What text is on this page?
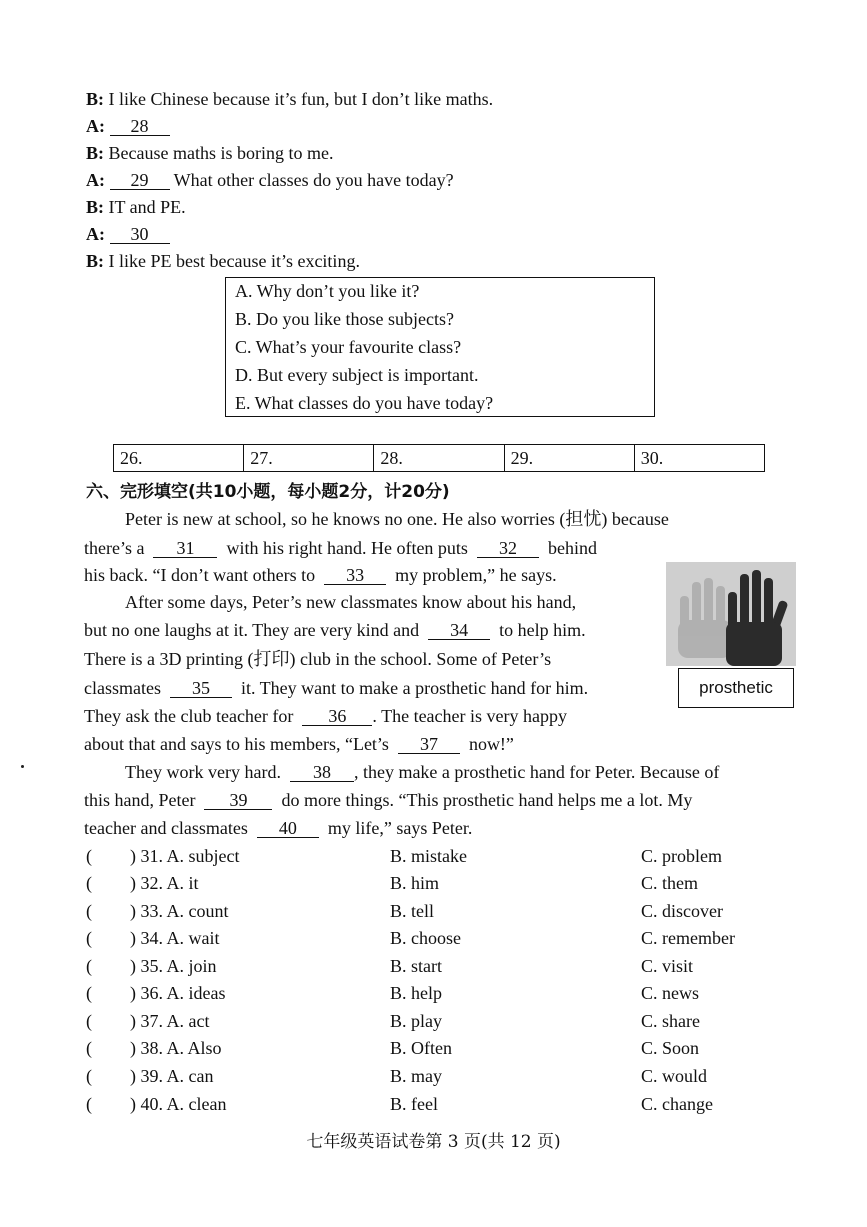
B: I like Chinese because it’s fun, but I don’t like maths.
A: 28
B: Because maths is boring to me.
A: 29 What other classes do you have today?
B: IT and PE.
A: 30
B: I like PE best because it’s exciting.
A. Why don’t you like it?
B. Do you like those subjects?
C. What’s your favourite class?
D. But every subject is important.
E. What classes do you have today?
26.	27.	28.	29.	30.
六、完形填空(共10小题，每小题2分，计20分)
Peter is new at school, so he knows no one. He also worries (担忧) because
there’s a 31 with his right hand. He often puts 32 behind
his back. “I don’t want others to 33 my problem,” he says.
After some days, Peter’s new classmates know about his hand,
but no one laughs at it. They are very kind and 34 to help him.
There is a 3D printing (打印) club in the school. Some of Peter’s
classmates 35 it. They want to make a prosthetic hand for him.
They ask the club teacher for 36 . The teacher is very happy
about that and says to his members, “Let’s 37 now!”
They work very hard. 38 , they make a prosthetic hand for Peter. Because of
this hand, Peter 39 do more things. “This prosthetic hand helps me a lot. My
teacher and classmates 40 my life,” says Peter.
prosthetic
( ) 31. A. subject	B. mistake	C. problem
( ) 32. A. it	B. him	C. them
( ) 33. A. count	B. tell	C. discover
( ) 34. A. wait	B. choose	C. remember
( ) 35. A. join	B. start	C. visit
( ) 36. A. ideas	B. help	C. news
( ) 37. A. act	B. play	C. share
( ) 38. A. Also	B. Often	C. Soon
( ) 39. A. can	B. may	C. would
( ) 40. A. clean	B. feel	C. change
七年级英语试卷第 3 页(共 12 页)
